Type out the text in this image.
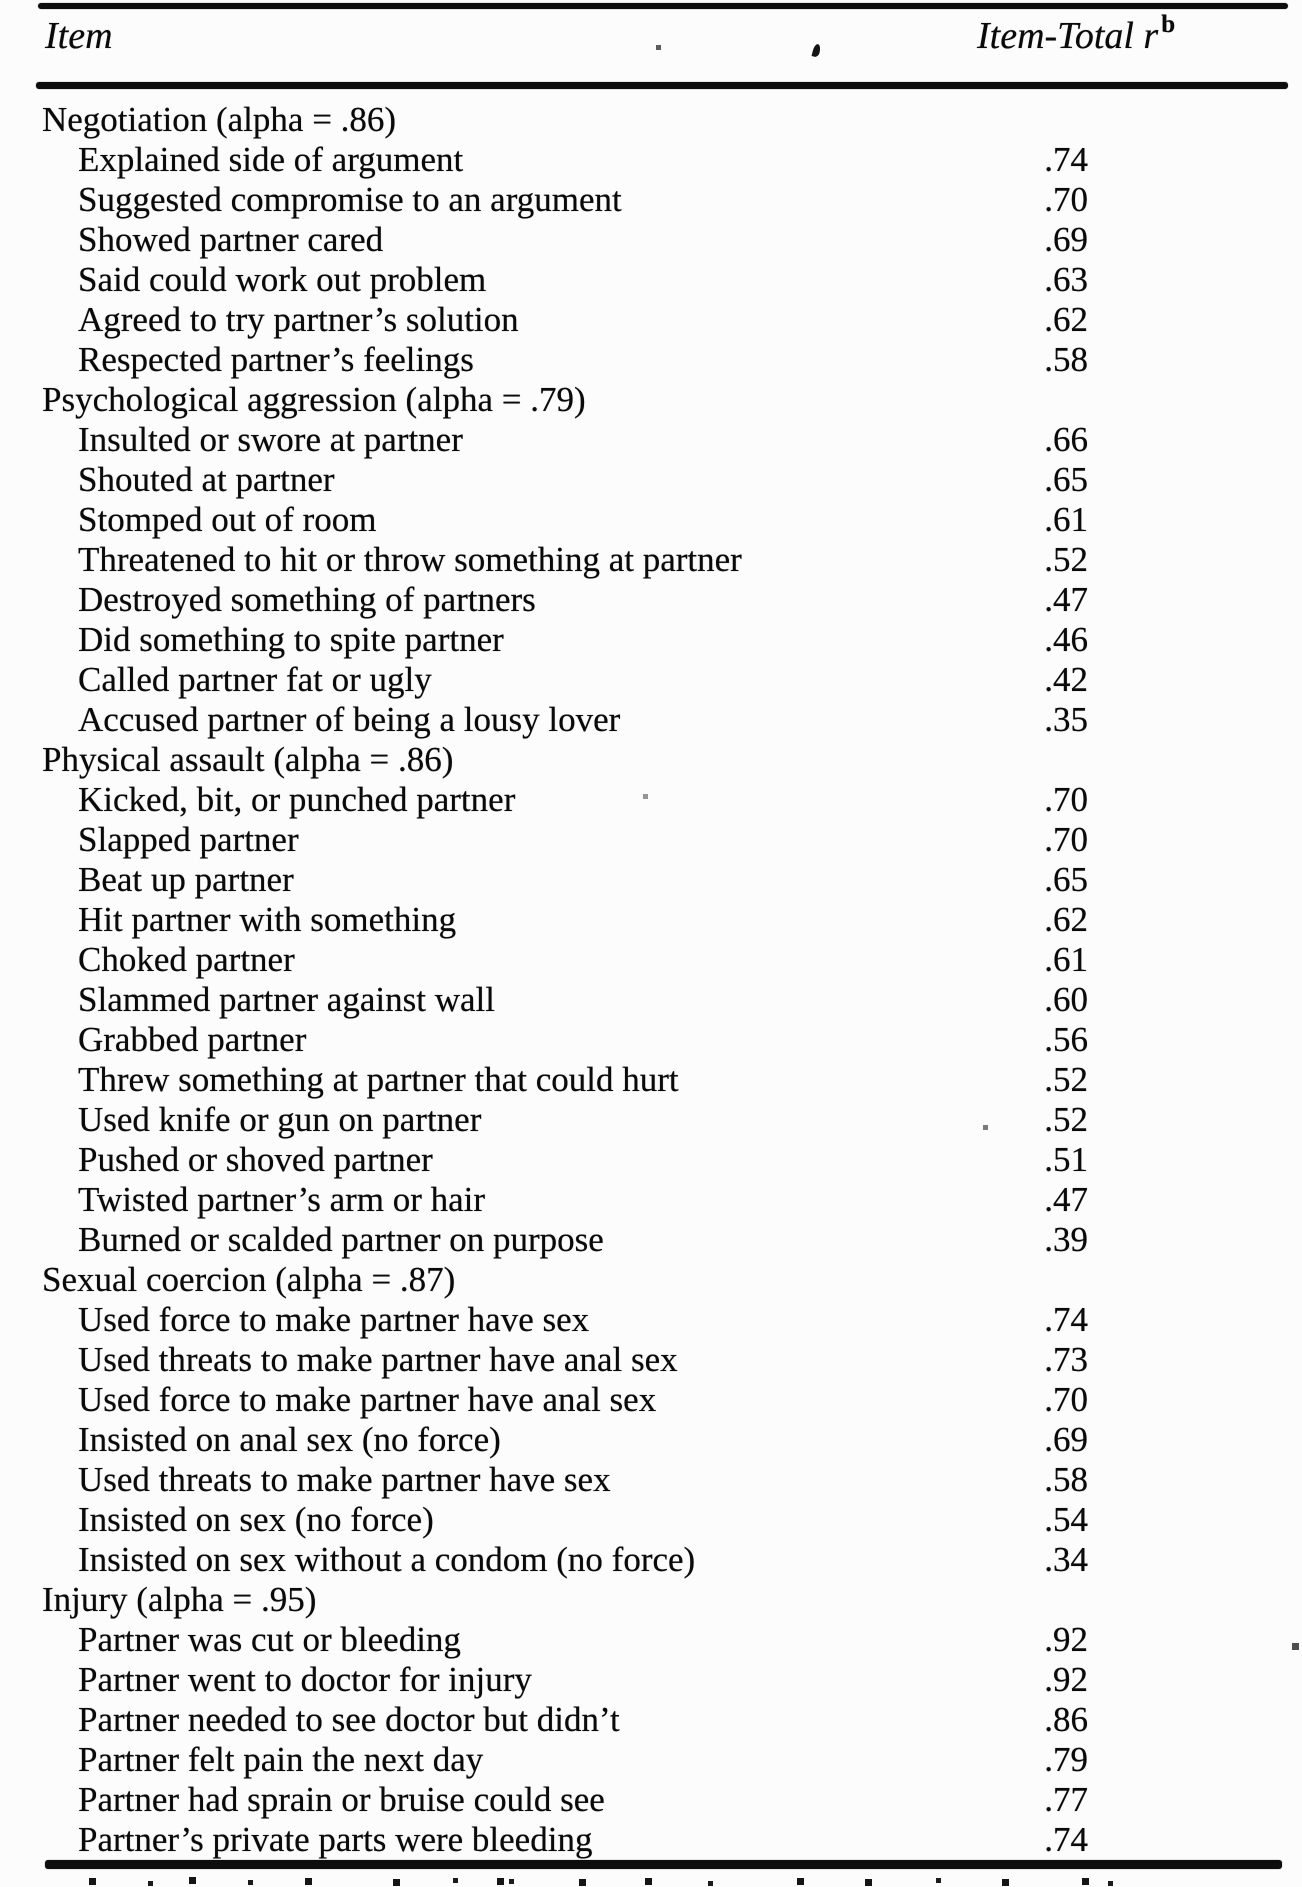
Item	Item-Total r $^b$
Negotiation (alpha = .86)
Explained side of argument	.74
Suggested compromise to an argument	.70
Showed partner cared	.69
Said could work out problem	.63
Agreed to try partner’s solution	.62
Respected partner’s feelings	.58
Psychological aggression (alpha = .79)
Insulted or swore at partner	.66
Shouted at partner	.65
Stomped out of room	.61
Threatened to hit or throw something at partner	.52
Destroyed something of partners	.47
Did something to spite partner	.46
Called partner fat or ugly	.42
Accused partner of being a lousy lover	.35
Physical assault (alpha = .86)
Kicked, bit, or punched partner	.70
Slapped partner	.70
Beat up partner	.65
Hit partner with something	.62
Choked partner	.61
Slammed partner against wall	.60
Grabbed partner	.56
Threw something at partner that could hurt	.52
Used knife or gun on partner	.52
Pushed or shoved partner	.51
Twisted partner’s arm or hair	.47
Burned or scalded partner on purpose	.39
Sexual coercion (alpha = .87)
Used force to make partner have sex	.74
Used threats to make partner have anal sex	.73
Used force to make partner have anal sex	.70
Insisted on anal sex (no force)	.69
Used threats to make partner have sex	.58
Insisted on sex (no force)	.54
Insisted on sex without a condom (no force)	.34
Injury (alpha = .95)
Partner was cut or bleeding	.92
Partner went to doctor for injury	.92
Partner needed to see doctor but didn’t	.86
Partner felt pain the next day	.79
Partner had sprain or bruise could see	.77
Partner’s private parts were bleeding	.74
